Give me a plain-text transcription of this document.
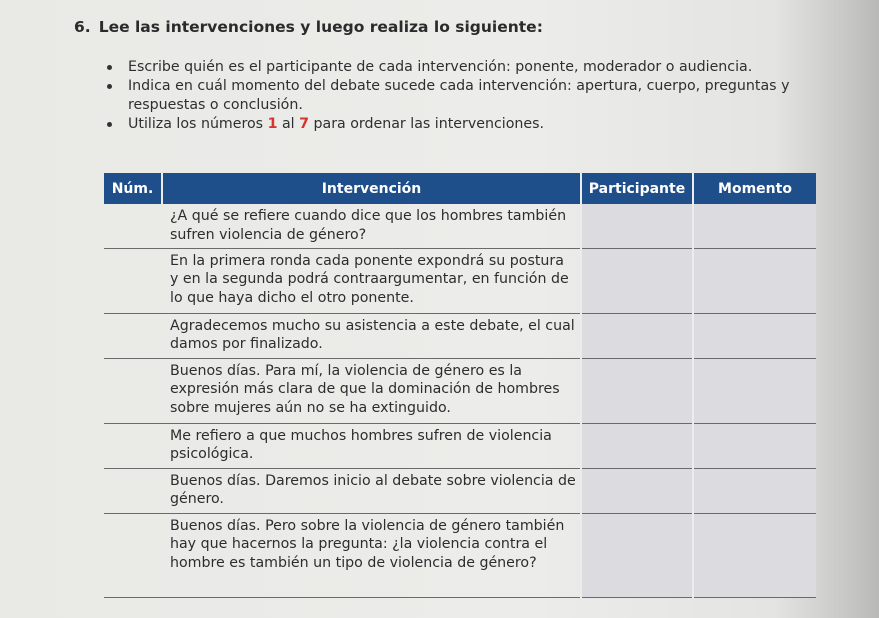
6. Lee las intervenciones y luego realiza lo siguiente:
Escribe quién es el participante de cada intervención: ponente, moderador o audiencia.
Indica en cuál momento del debate sucede cada intervención: apertura, cuerpo, preguntas y respuestas o conclusión.
Utiliza los números 1 al 7 para ordenar las intervenciones.
Núm.	Intervención	Participante	Momento
	¿A qué se refiere cuando dice que los hombres también sufren violencia de género?		
	En la primera ronda cada ponente expondrá su postura y en la segunda podrá contraargumentar, en función de lo que haya dicho el otro ponente.		
	Agradecemos mucho su asistencia a este debate, el cual damos por finalizado.		
	Buenos días. Para mí, la violencia de género es la expresión más clara de que la dominación de hombres sobre mujeres aún no se ha extinguido.		
	Me refiero a que muchos hombres sufren de violencia psicológica.		
	Buenos días. Daremos inicio al debate sobre violencia de género.		
	Buenos días. Pero sobre la violencia de género también hay que hacernos la pregunta: ¿la violencia contra el hombre es también un tipo de violencia de género?		
